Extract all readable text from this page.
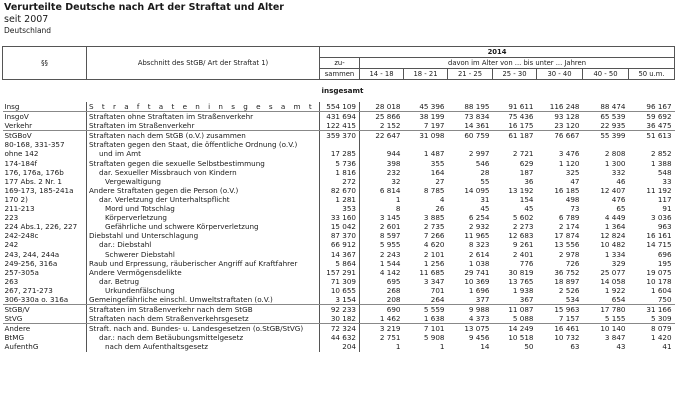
Verurteilte Deutsche nach Art der Straftat und Alter
seit 2007
Deutschland
§§	Abschnitt des StGB/ Art der Straftat 1)	2014							
		zu-	davon im Alter von ... bis unter ... Jahren						
		sammen	14 - 18	18 - 21	21 - 25	25 - 30	30 - 40	40 - 50	50 u.m.
		insgesamt							
Insg	S t r a f t a t e n i n s g e s a m t	554 109	28 018	45 396	88 195	91 611	116 248	88 474	96 167
InsgoV	Straftaten ohne Straftaten im Straßenverkehr	431 694	25 866	38 199	73 834	75 436	93 128	65 539	59 692
Verkehr	Straftaten im Straßenverkehr	122 415	2 152	7 197	14 361	16 175	23 120	22 935	36 475
StGBoV	Straftaten nach dem StGB (o.V.) zusammen	359 370	22 647	31 098	60 759	61 187	76 667	55 399	51 613
80-168, 331-357	Straftaten gegen den Staat, die öffentliche Ordnung (o.V.)								
ohne 142	und im Amt	17 285	944	1 487	2 997	2 721	3 476	2 808	2 852
174-184f	Straftaten gegen die sexuelle Selbstbestimmung	5 736	398	355	546	629	1 120	1 300	1 388
176, 176a, 176b	dar. Sexueller Missbrauch von Kindern	1 816	232	164	28	187	325	332	548
177 Abs. 2 Nr. 1	Vergewaltigung	272	32	27	55	36	47	46	33
169-173, 185-241a	Andere Straftaten gegen die Person (o.V.)	82 670	6 814	8 785	14 095	13 192	16 185	12 407	11 192
170 2)	dar. Verletzung der Unterhaltspflicht	1 281	1	4	31	154	498	476	117
211-213	Mord und Totschlag	353	8	26	45	45	73	65	91
223	Körperverletzung	33 160	3 145	3 885	6 254	5 602	6 789	4 449	3 036
224 Abs.1, 226, 227	Gefährliche und schwere Körperverletzung	15 042	2 601	2 735	2 932	2 273	2 174	1 364	963
242-248c	Diebstahl und Unterschlagung	87 370	8 597	7 266	11 965	12 683	17 874	12 824	16 161
242	dar.: Diebstahl	66 912	5 955	4 620	8 323	9 261	13 556	10 482	14 715
243, 244, 244a	Schwerer Diebstahl	14 367	2 243	2 101	2 614	2 401	2 978	1 334	696
249-256, 316a	Raub und Erpressung, räuberischer Angriff auf Kraftfahrer	5 864	1 544	1 256	1 038	776	726	329	195
257-305a	Andere Vermögensdelikte	157 291	4 142	11 685	29 741	30 819	36 752	25 077	19 075
263	dar. Betrug	71 309	695	3 347	10 369	13 765	18 897	14 058	10 178
267, 271-273	Urkundenfälschung	10 655	268	701	1 696	1 938	2 526	1 922	1 604
306-330a o. 316a	Gemeingefährliche einschl. Umweltstraftaten (o.V.)	3 154	208	264	377	367	534	654	750
StGB/V	Straftaten im Straßenverkehr nach dem StGB	92 233	690	5 559	9 988	11 087	15 963	17 780	31 166
StVG	Straftaten nach dem Straßenverkehrsgesetz	30 182	1 462	1 638	4 373	5 088	7 157	5 155	5 309
Andere	Straft. nach and. Bundes- u. Landesgesetzen (o.StGB/StVG)	72 324	3 219	7 101	13 075	14 249	16 461	10 140	8 079
BtMG	dar.: nach dem Betäubungsmittelgesetz	44 632	2 751	5 908	9 456	10 518	10 732	3 847	1 420
AufenthG	nach dem Aufenthaltsgesetz	204	1	1	14	50	63	43	41
